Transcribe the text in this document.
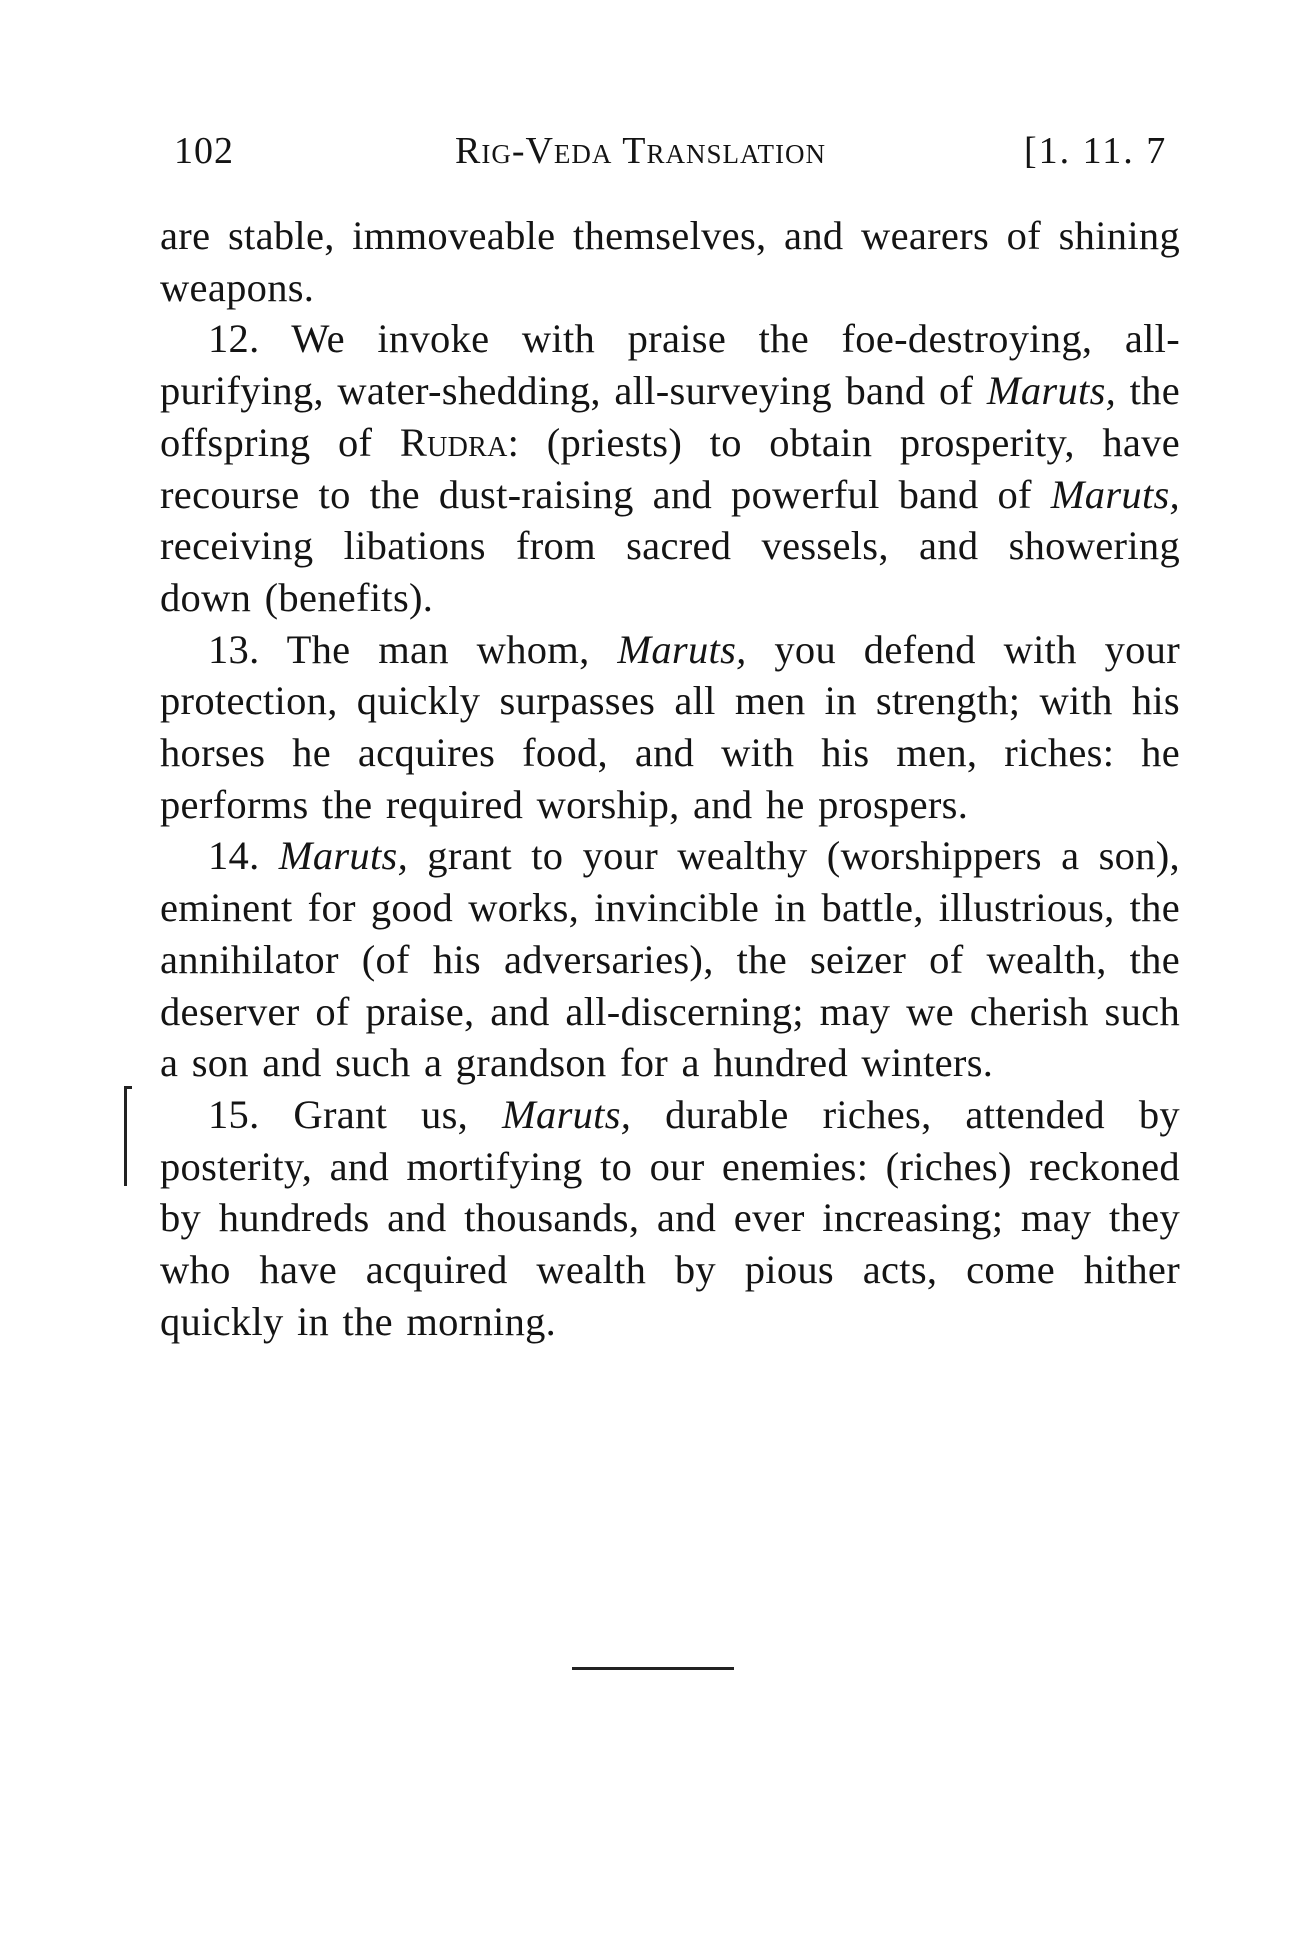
102	Rig-Veda Translation	[1. 11. 7

are stable, immoveable themselves, and wearers of shining weapons.

12. We invoke with praise the foe-destroying, all-purifying, water-shedding, all-surveying band of Maruts, the offspring of Rudra: (priests) to obtain prosperity, have recourse to the dust-raising and powerful band of Maruts, receiving libations from sacred vessels, and showering down (benefits).

13. The man whom, Maruts, you defend with your protection, quickly surpasses all men in strength; with his horses he acquires food, and with his men, riches: he performs the required worship, and he prospers.

14. Maruts, grant to your wealthy (worshippers a son), eminent for good works, invincible in battle, illustrious, the annihilator (of his adversaries), the seizer of wealth, the deserver of praise, and all-discerning; may we cherish such a son and such a grandson for a hundred winters.

15. Grant us, Maruts, durable riches, attended by posterity, and mortifying to our enemies: (riches) reckoned by hundreds and thousands, and ever increasing; may they who have acquired wealth by pious acts, come hither quickly in the morning.
